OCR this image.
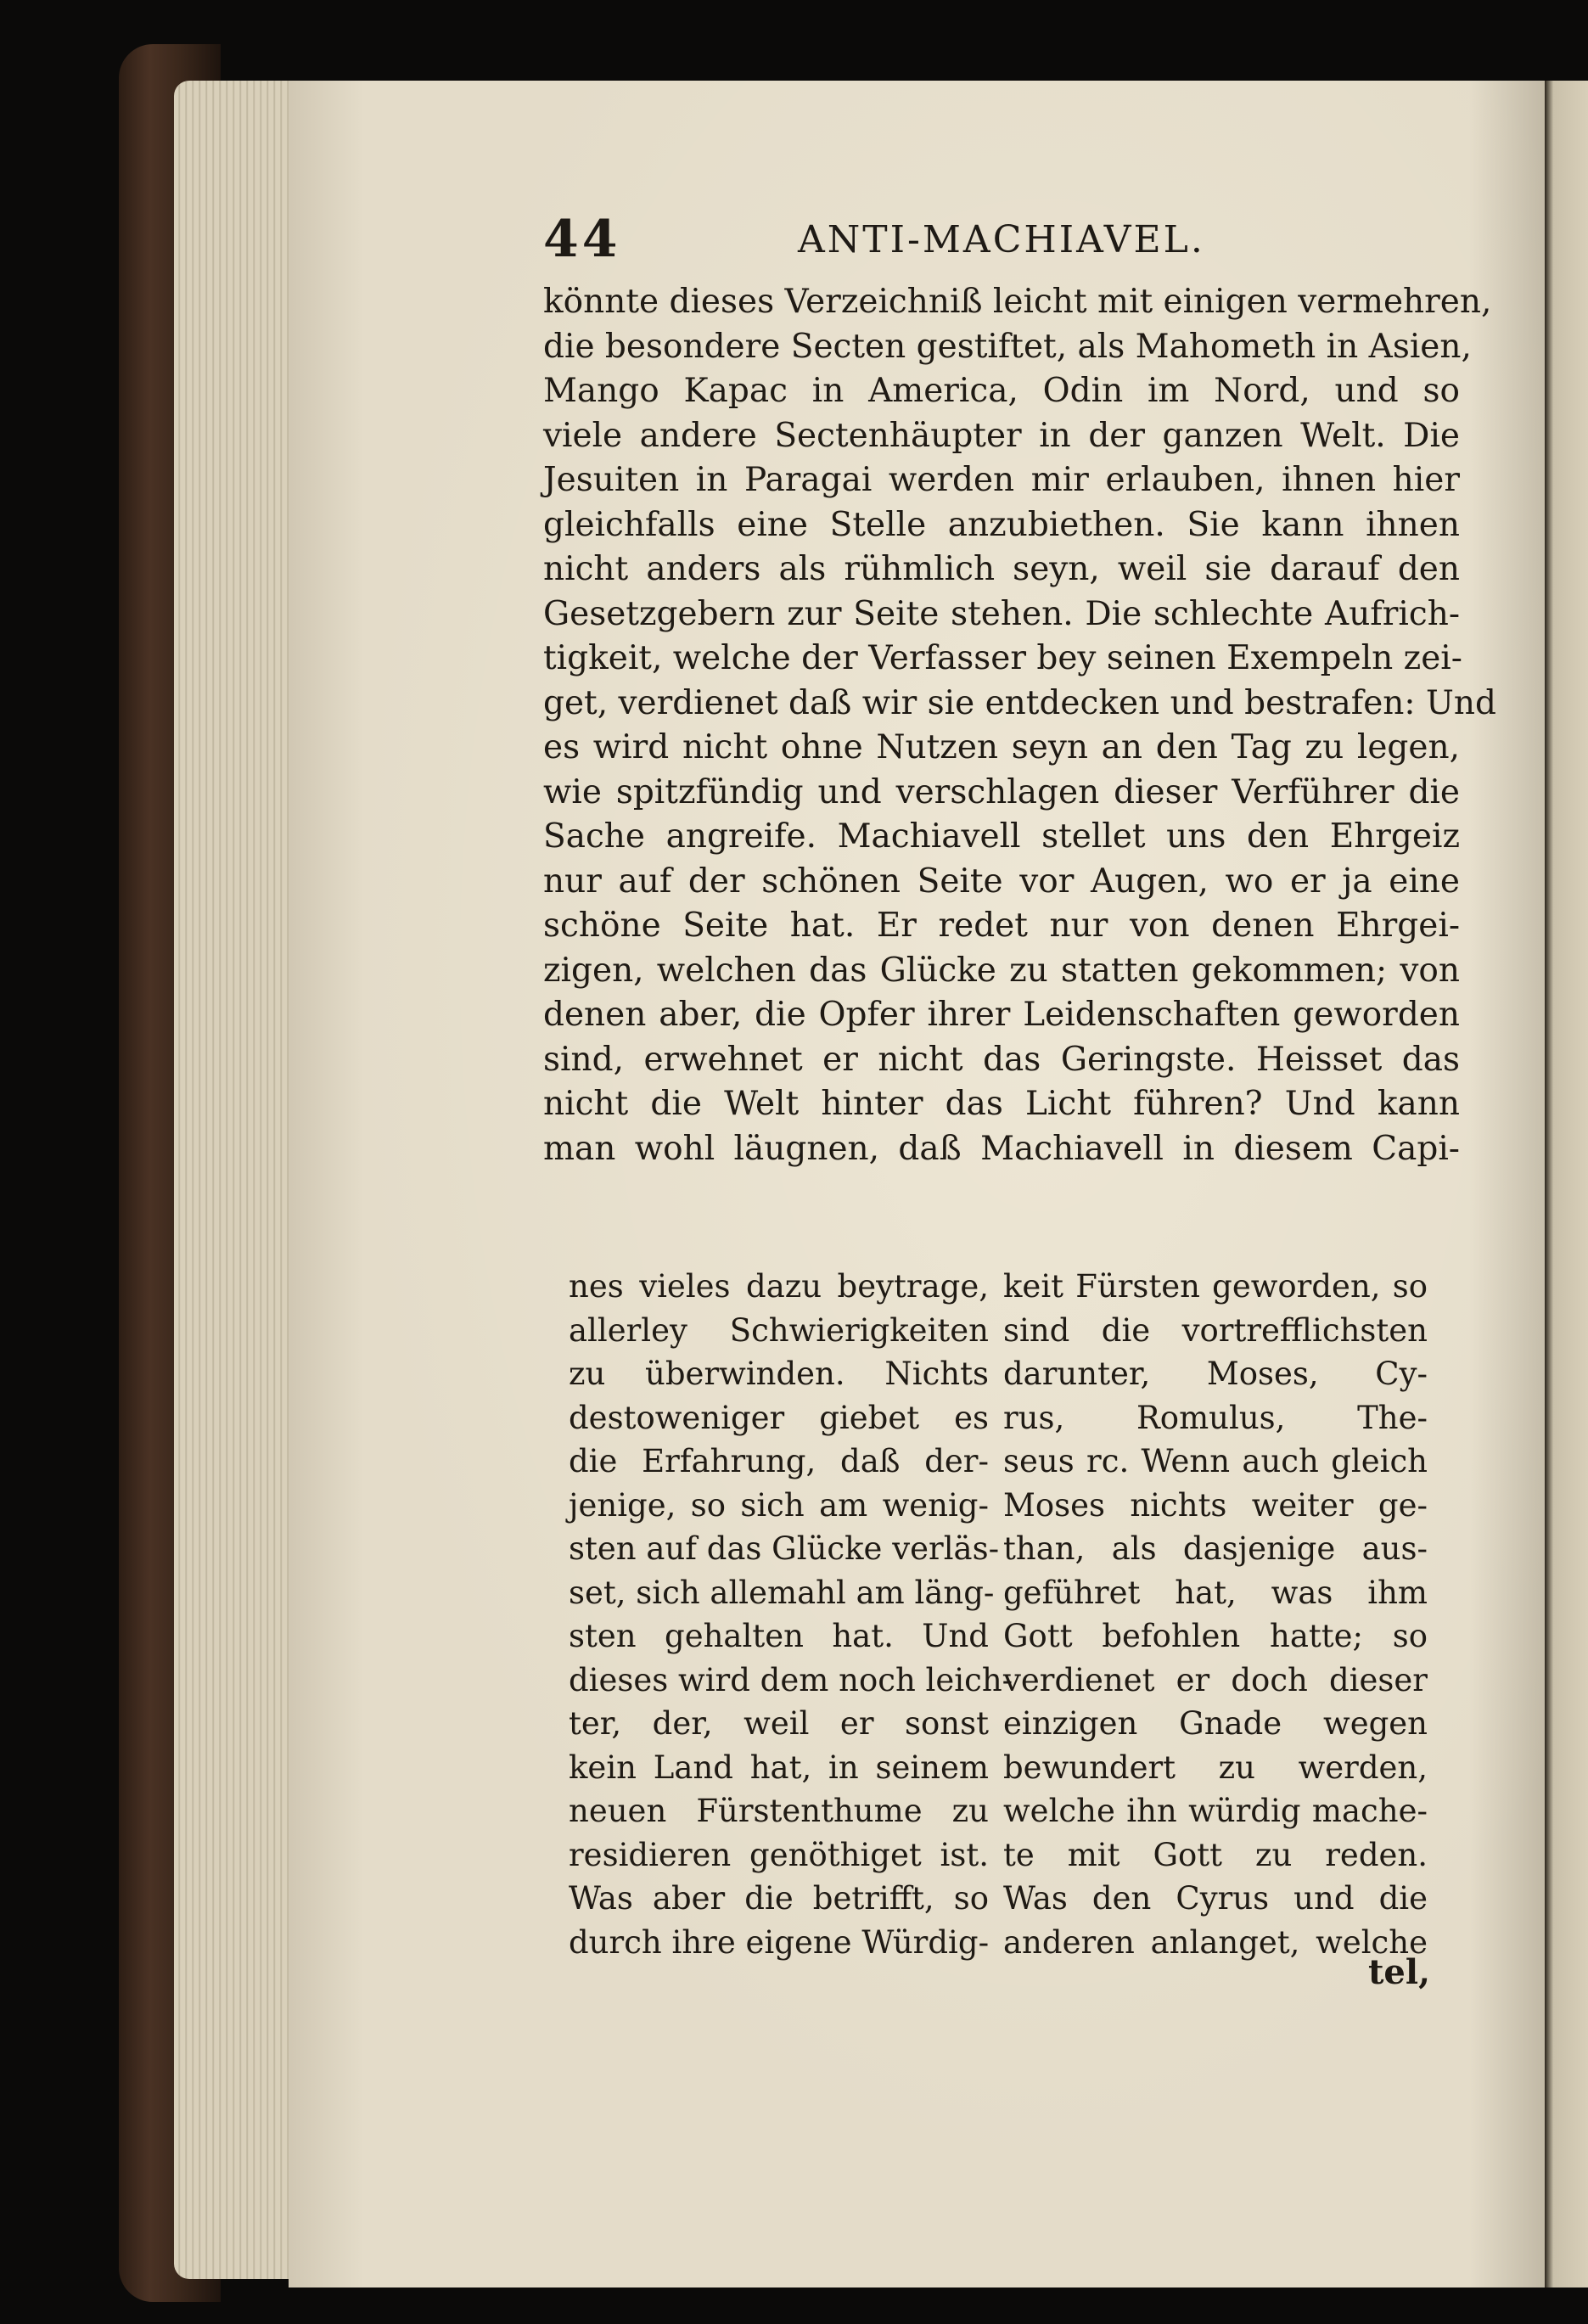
44	ANTI-MACHIAVEL.
könnte dieses Verzeichniß leicht mit einigen vermehren,
die besondere Secten gestiftet, als Mahometh in Asien,
Mango Kapac in America, Odin im Nord, und so
viele andere Sectenhäupter in der ganzen Welt. Die
Jesuiten in Paragai werden mir erlauben, ihnen hier
gleichfalls eine Stelle anzubiethen. Sie kann ihnen
nicht anders als rühmlich seyn, weil sie darauf den
Gesetzgebern zur Seite stehen. Die schlechte Aufrich-
tigkeit, welche der Verfasser bey seinen Exempeln zei-
get, verdienet daß wir sie entdecken und bestrafen: Und
es wird nicht ohne Nutzen seyn an den Tag zu legen,
wie spitzfündig und verschlagen dieser Verführer die
Sache angreife. Machiavell stellet uns den Ehrgeiz
nur auf der schönen Seite vor Augen, wo er ja eine
schöne Seite hat. Er redet nur von denen Ehrgei-
zigen, welchen das Glücke zu statten gekommen; von
denen aber, die Opfer ihrer Leidenschaften geworden
sind, erwehnet er nicht das Geringste. Heisset das
nicht die Welt hinter das Licht führen? Und kann
man wohl läugnen, daß Machiavell in diesem Capi-
nes vieles dazu beytrage,
allerley Schwierigkeiten
zu überwinden. Nichts
destoweniger giebet es
die Erfahrung, daß der-
jenige, so sich am wenig-
sten auf das Glücke verläs-
set, sich allemahl am läng-
sten gehalten hat. Und
dieses wird dem noch leich-
ter, der, weil er sonst
kein Land hat, in seinem
neuen Fürstenthume zu
residieren genöthiget ist.
Was aber die betrifft, so
durch ihre eigene Würdig-
keit Fürsten geworden, so
sind die vortrefflichsten
darunter, Moses, Cy-
rus, Romulus, The-
seus rc. Wenn auch gleich
Moses nichts weiter ge-
than, als dasjenige aus-
geführet hat, was ihm
Gott befohlen hatte; so
verdienet er doch dieser
einzigen Gnade wegen
bewundert zu werden,
welche ihn würdig mache-
te mit Gott zu reden.
Was den Cyrus und die
anderen anlanget, welche
tel,
